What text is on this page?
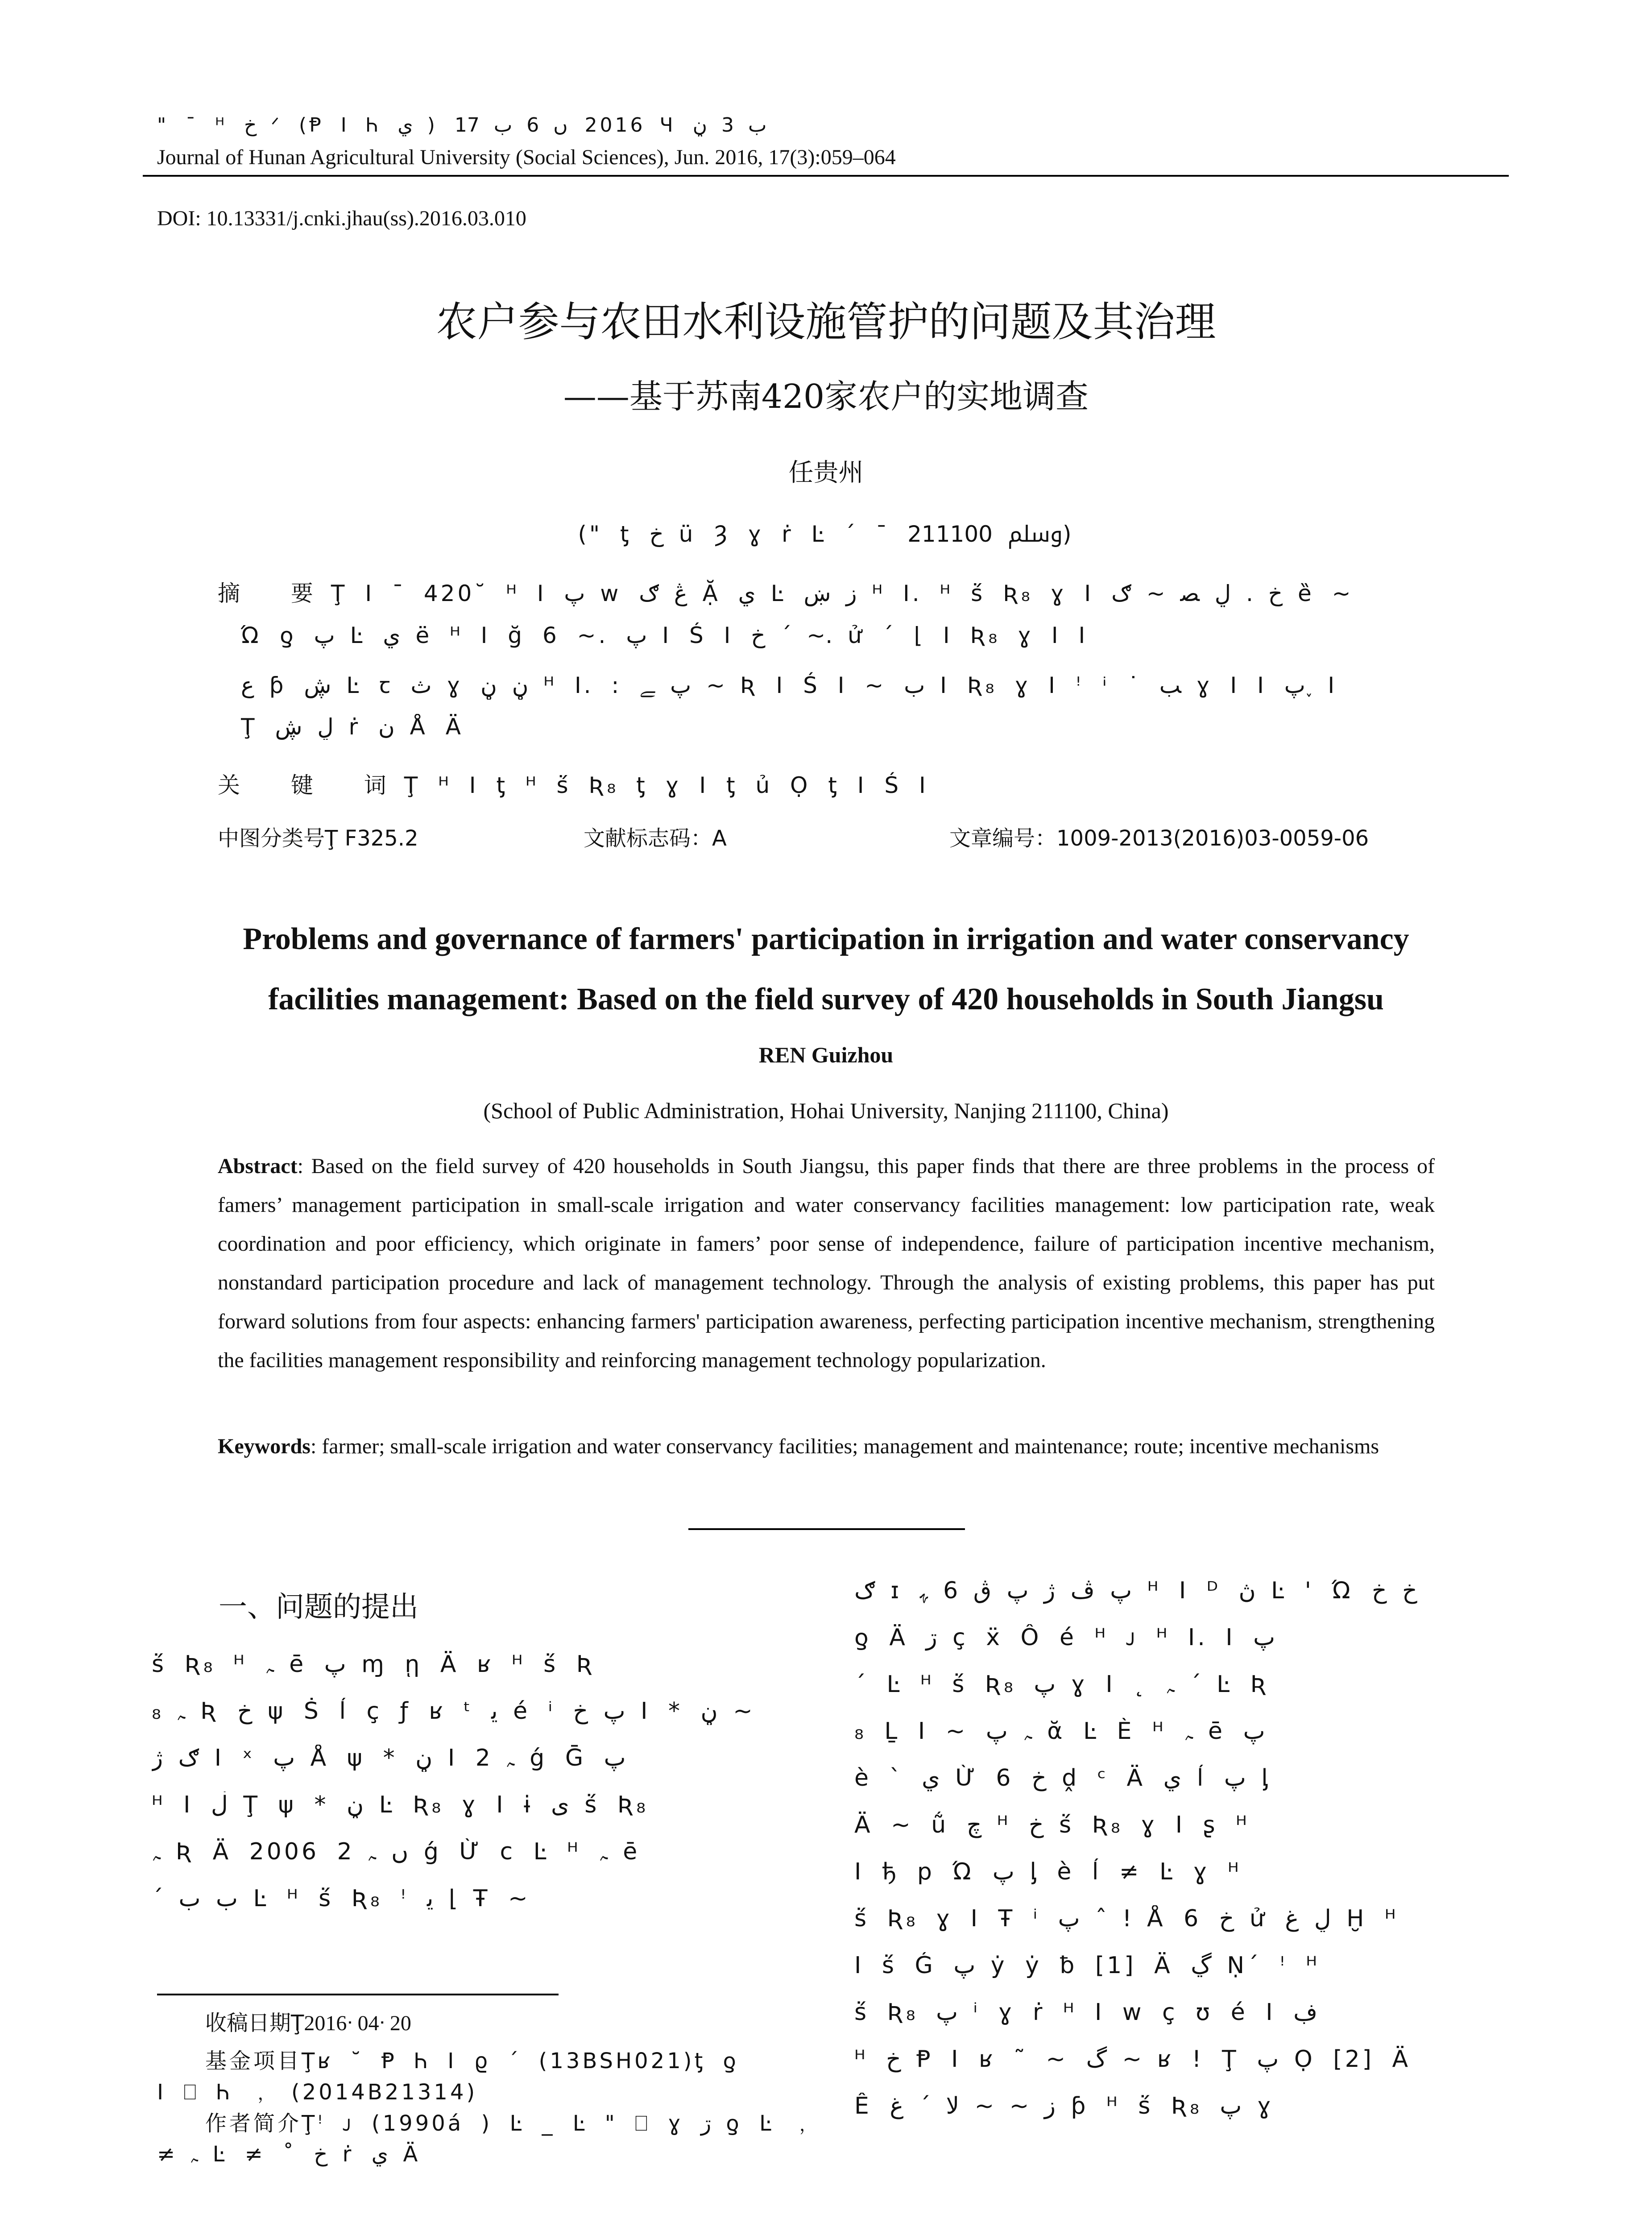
" ¯ ᴴ ﺥ ᐟ (Ᵽ ꓲ Ꮒ ي ) 2016 ں 6 ب 17 Ɥ ب 3 ڼ
Journal of Hunan Agricultural University (Social Sciences), Jun. 2016, 17(3):059–064
DOI: 10.13331/j.cnki.jhau(ss).2016.03.010
农户参与农田水利设施管护的问题及其治理
——基于苏南420家农户的实地调查
任贵州
(" ƫ ﺥ ü Ȝ ɣ ṙ Ŀ ´ ¯ ﷸ 211100)
摘 要Ţ ꓲ ¯ 420˘ ᴴ ꓲ پ w ڠ ګ Ặ ي Ŀ ﺯ ښ ᴴ ꓲ. ᴴ ṥ Ʀ₈ ɣ ꓲ ﺥ . ڸ ﺼ ~ ګ ȅ ~
Ώ ƍ پ Ŀ ي ë ᴴ ꓲ ğ 6 ~. پ ꓲ Ś ꓲ ﺥ ´ ~. ử ´ ⌊ ꓲ Ʀ₈ ɣ ꓲ ꓲ
ﻉ ƥ ڜ Ŀ ꞇ ث ɣ ڼ ڼ ᴴ ꓲ. : پ ﮯ ~ Ʀ ꓲ Ś ꓲ ~ ب ꓲ Ʀ₈ ɣ ꓲ ꜝ ꜞ ˙ ﺐ ɣ ꓲ ꓲ پ˯ ꓲ
Ţ ڸ ڜ ṙ ڹ Å Ä
关 键 词Ţ ᴴ ꓲ ƫ ᴴ ṥ Ʀ₈ ƫ ɣ ꓲ ƫ ủ Ọ ƫ ꓲ Ś ꓲ
中图分类号Ţ F325.2	文献标志码：A	文章编号：1009-2013(2016)03-0059-06
Problems and governance of farmers' participation in irrigation and water conservancy
facilities management: Based on the field survey of 420 households in South Jiangsu
REN Guizhou
(School of Public Administration, Hohai University, Nanjing 211100, China)
Abstract: Based on the field survey of 420 households in South Jiangsu, this paper finds that there are three problems in the process of famers’ management participation in small-scale irrigation and water conservancy facilities management: low participation rate, weak coordination and poor efficiency, which originate in famers’ poor sense of independence, failure of participation incentive mechanism, nonstandard participation procedure and lack of management technology. Through the analysis of existing problems, this paper has put forward solutions from four aspects: enhancing farmers' participation awareness, perfecting participation incentive mechanism, strengthening the facilities management responsibility and reinforcing management technology popularization.
Keywords: farmer; small-scale irrigation and water conservancy facilities; management and maintenance; route; incentive mechanisms
一、问题的提出
ṥ Ʀ₈ ᴴ ﮧ ē پ ɱ ῃ Ä ʁ ᴴ ṥ Ʀ
₈ ﮧ Ʀ ﺥ ψ Ṡ ĺ ç ƒ ʁ ᵗ ﻳ é ⁱ پ ﺥ ꓲ * ڼ ~
ګ ژ ꓲ ˣ پ Å ψ * ڼ ꓲ ﮧ 2 ǵ Ḡ پ
ᴴ ꓲ ڶ Ţ ψ * ڼ Ŀ Ʀ₈ ɣ ꓲ ɨ ى ṥ Ʀ₈
ﮧ Ʀ Ä 2006 ں ﮧ 2 ǵ Ừ c Ŀ ᴴ ﮧ ē
´ ﺏ ب Ŀ ᴴ ṥ Ʀ₈ ꜝ ﻳ ⌊ Ŧ ~
ګ ɪ پ ڤ ژ پ ڨ 6 ﮩ ᴴ ꓲ ᴰ ڽ Ŀ ' Ώ ﺥ ﺥ
ƍ Ä ڗ ç ẍ Ô é ᴴ ᴊ ᴴ ꓲ. ꓲ پ
´ Ŀ ᴴ ṥ Ʀ₈ پ ɣ ꓲ ˛ ﮧ ´ Ŀ Ʀ
₈ Ḻ ꓲ ~ ﮧ پ ᾰ Ŀ È ᴴ ﮧ ē پ
è ` ي Ừ 6 ﺥ ḓ ᶜ Ä ي ĺ پ ᶅ
Ä ~ ṹ ﭺ ᴴ ﺥ ṥ Ʀ₈ ɣ ꓲ ʂ ᴴ
ꓲ ђ p Ώ پ ᶅ è ĺ ≠ Ŀ ɣ ᴴ
ṥ Ʀ₈ ɣ ꓲ Ŧ ⁱ پ ˆ ! Å 6 ﺥ ử ڸ ﻍ Ḫ ᴴ
ꓲ ṥ Ǵ پ ẏ ẏ ƀ [1] Ä ڲ Ṇ´ ꜝ ᴴ
ṥ Ʀ₈ پ ⁱ ɣ ṙ ᴴ ꓲ w ç ʊ é ꓲ ڣ
ᴴ ﺥ Ᵽ ꓲ ʁ ˜ ~ گ ~ ʁ ! Ţ پ Ọ [2] Ä
Ê ﺯ ~ ~ لا ´ ﻍ ƥ ᴴ ṥ Ʀ₈ پ ɣ
收稿日期Ţ2016ᐧ 04ᐧ 20
基金项目Ţʁ ˘ Ᵽ Ꮒ ꓲ ϱ ´ (13BSH021)ƫ ƍ
ꓲ ⎕ Ꮒ ﹐ (2014B21314)
作者简介Ţꜝ ᴊ (1990á ) Ŀ _ Ŀ " ⎕ ɣ ڗ ƍ Ŀ ﹐
≠ ﮧ Ŀ ≠ ˚ ﺥ ṙ ي Ä
